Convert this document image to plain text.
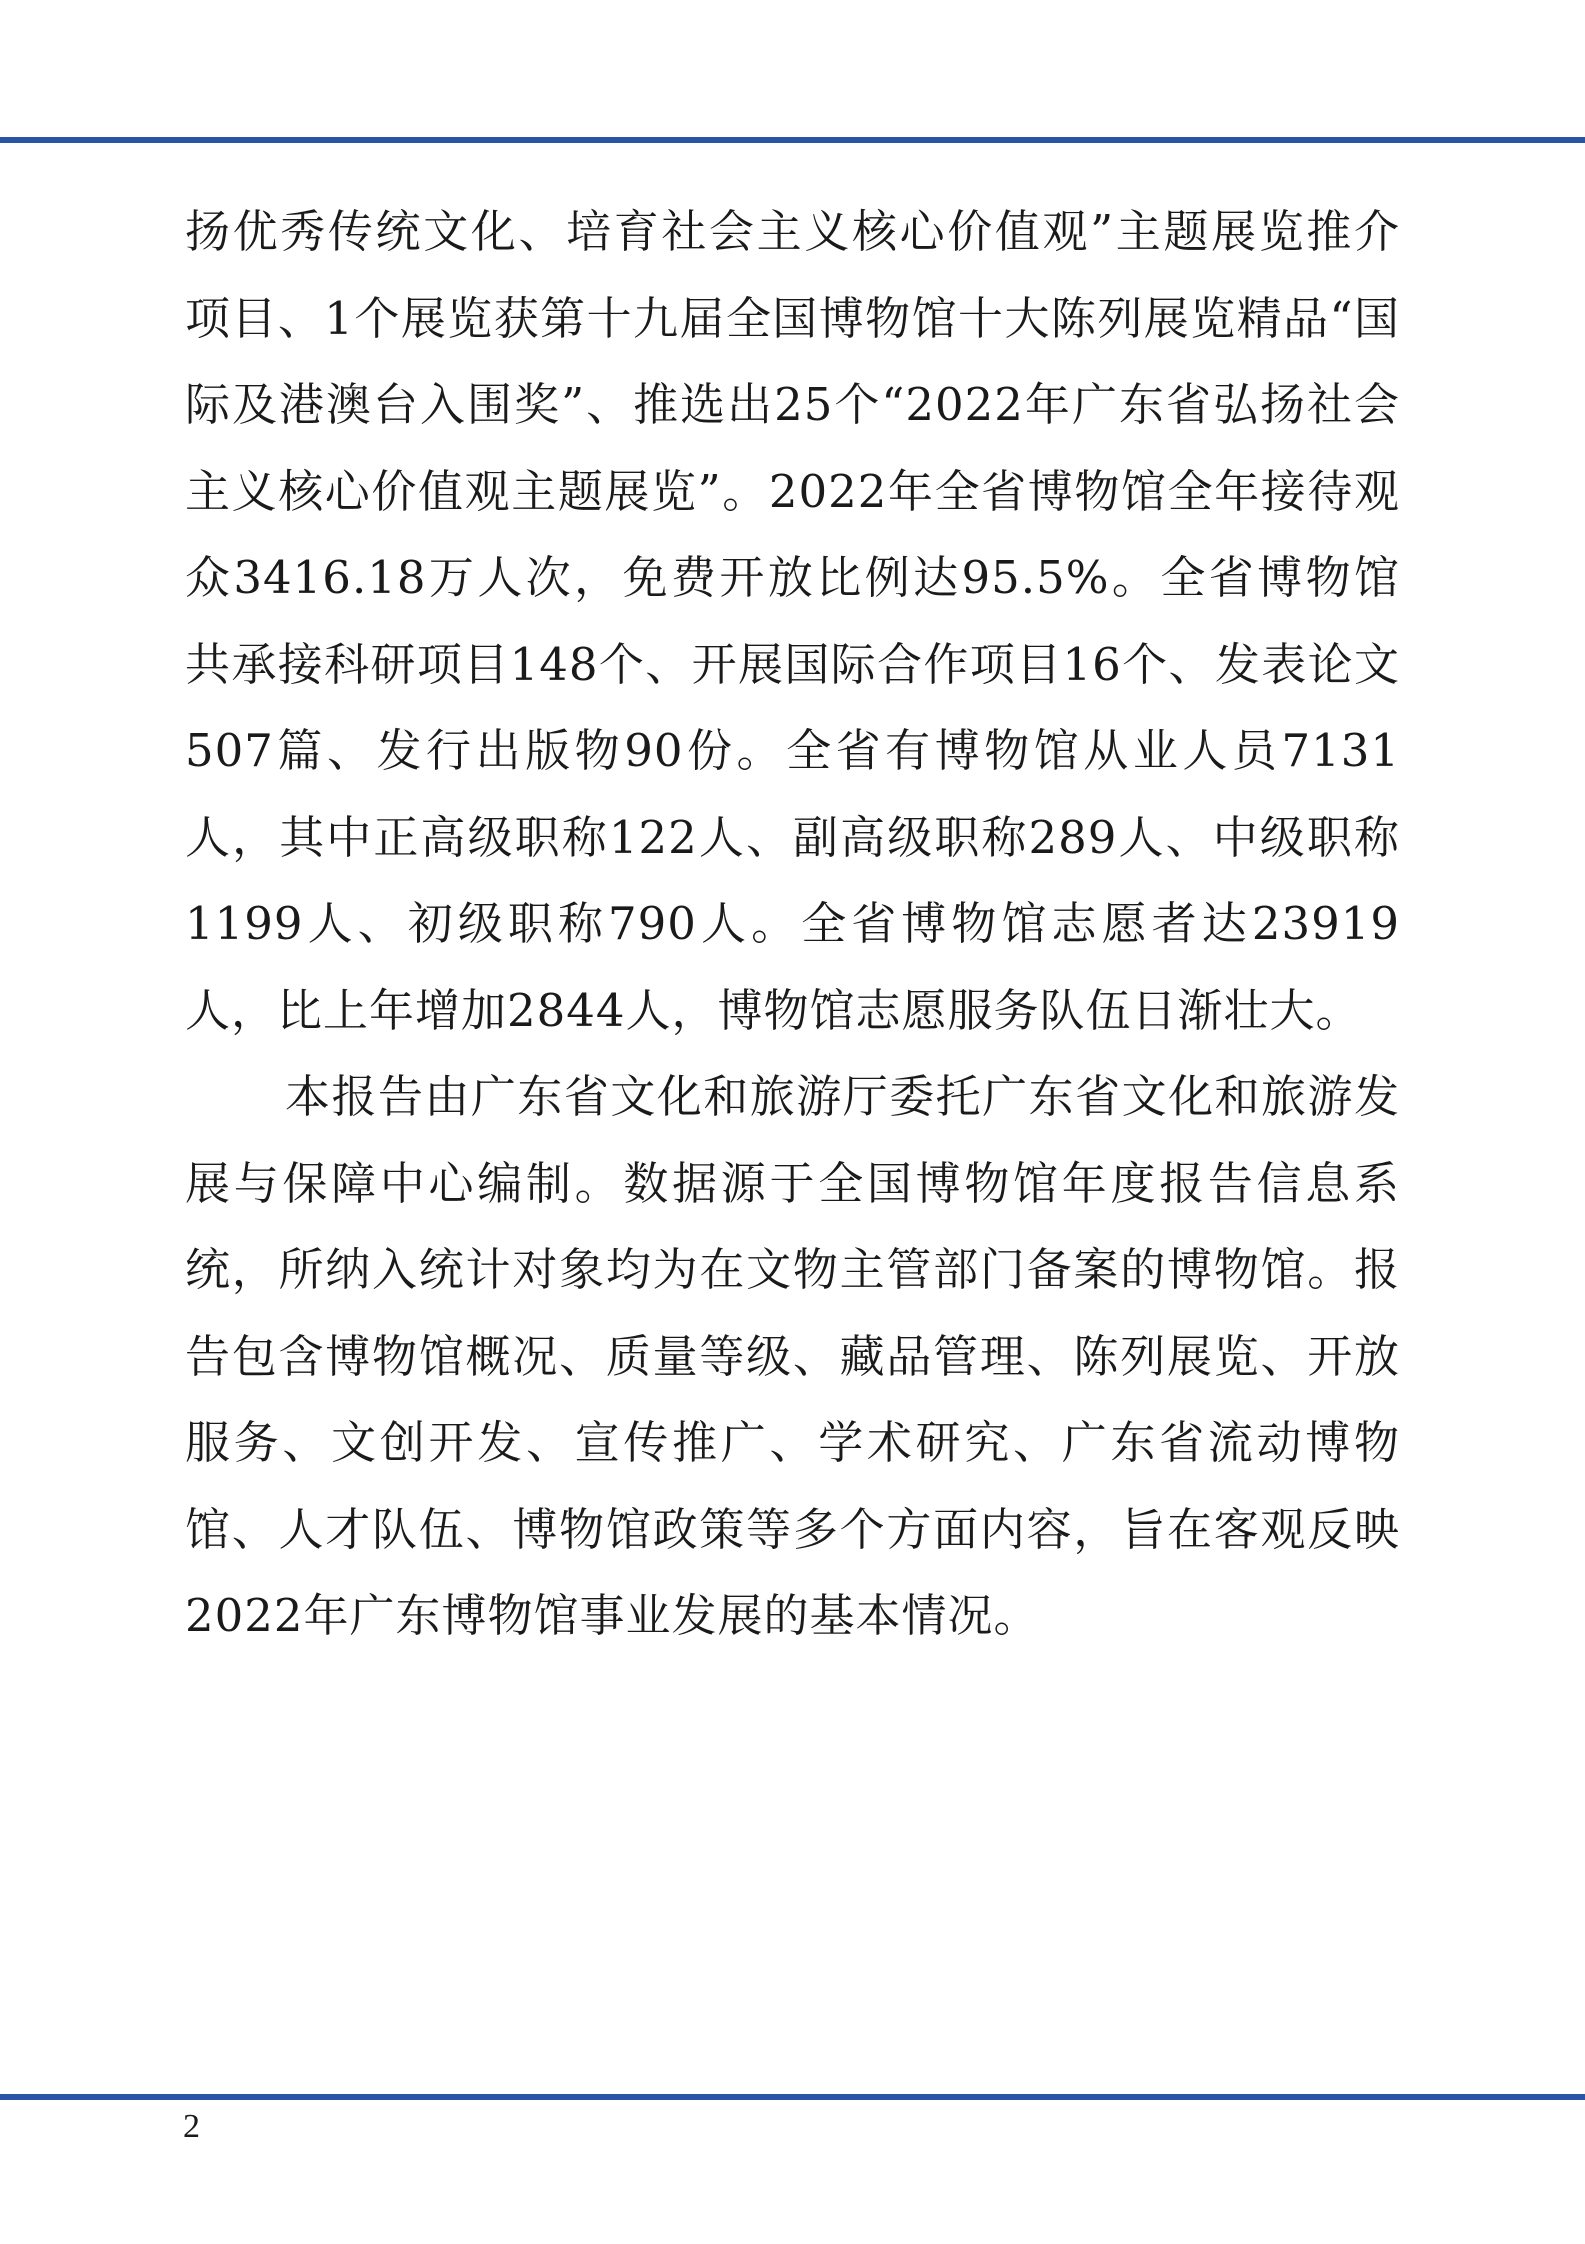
扬优秀传统文化、培育社会主义核心价值观”主题展览推介项目、1个展览获第十九届全国博物馆十大陈列展览精品“国际及港澳台入围奖”、推选出25个“2022年广东省弘扬社会主义核心价值观主题展览”。2022年全省博物馆全年接待观众3416.18万人次，免费开放比例达95.5%。全省博物馆共承接科研项目148个、开展国际合作项目16个、发表论文507篇、发行出版物90份。全省有博物馆从业人员7131人，其中正高级职称122人、副高级职称289人、中级职称1199人、初级职称790人。全省博物馆志愿者达23919人，比上年增加2844人，博物馆志愿服务队伍日渐壮大。

本报告由广东省文化和旅游厅委托广东省文化和旅游发展与保障中心编制。数据源于全国博物馆年度报告信息系统，所纳入统计对象均为在文物主管部门备案的博物馆。报告包含博物馆概况、质量等级、藏品管理、陈列展览、开放服务、文创开发、宣传推广、学术研究、广东省流动博物馆、人才队伍、博物馆政策等多个方面内容，旨在客观反映2022年广东博物馆事业发展的基本情况。

2
